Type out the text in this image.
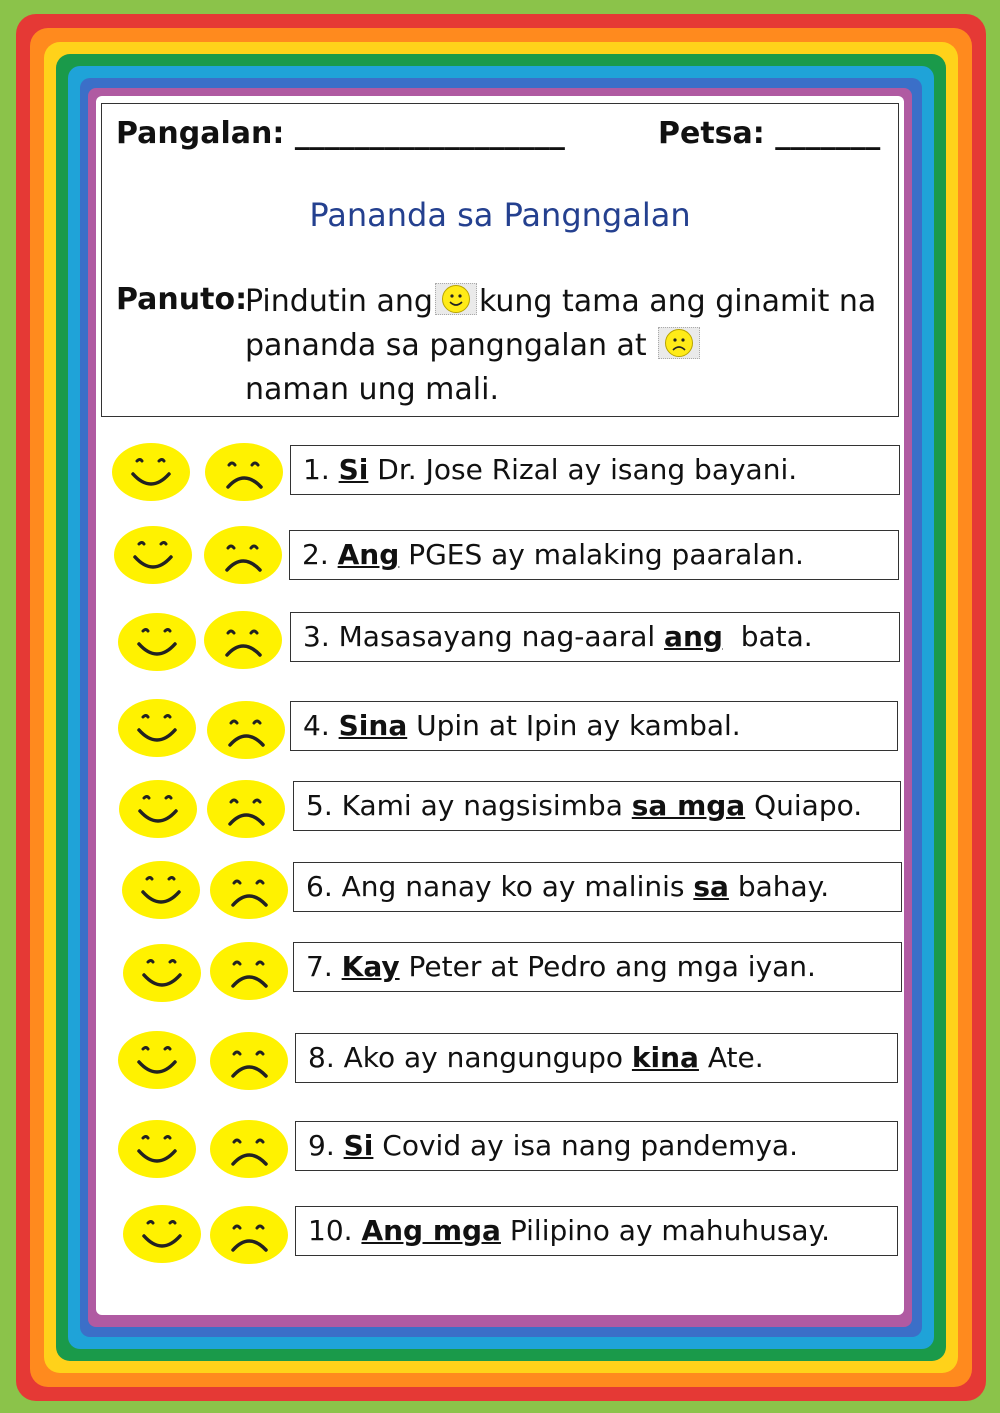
Pangalan: __________________	Petsa: _______
Pananda sa Pangngalan
Panuto:
Pindutin ang kung tama ang ginamit na pananda sa pangngalan at

naman ung mali.
1. Si Dr. Jose Rizal ay isang bayani.
2. Ang PGES ay malaking paaralan.
3. Masasayang nag-aaral ang bata.
4. Sina Upin at Ipin ay kambal.
5. Kami ay nagsisimba sa mga Quiapo.
6. Ang nanay ko ay malinis sa bahay.
7. Kay Peter at Pedro ang mga iyan.
8. Ako ay nangungupo kina Ate.
9. Si Covid ay isa nang pandemya.
10. Ang mga Pilipino ay mahuhusay.
